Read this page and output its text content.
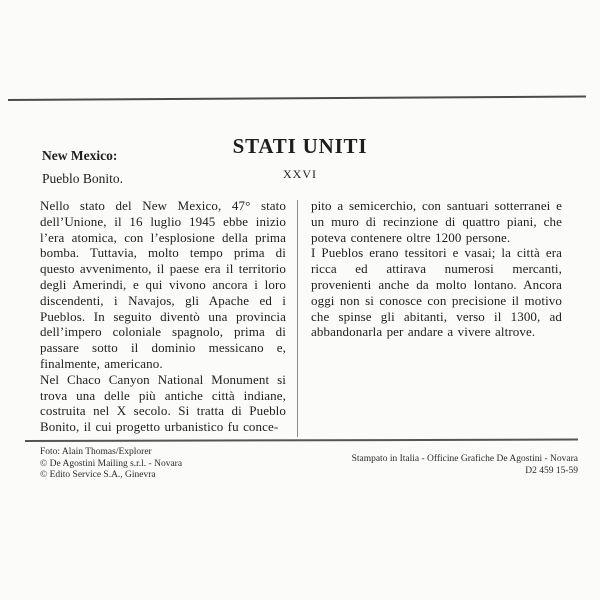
New Mexico:
Pueblo Bonito.
STATI UNITI
XXVI

Nello stato del New Mexico, 47° stato dell’Unione, il 16 luglio 1945 ebbe inizio l’era atomica, con l’esplosione della prima bomba. Tuttavia, molto tempo prima di questo avvenimento, il paese era il territorio degli Amerindi, e qui vivono ancora i loro discendenti, i Navajos, gli Apache ed i Pueblos. In seguito diventò una provincia dell’impero coloniale spagnolo, prima di passare sotto il dominio messicano e, finalmente, americano.

Nel Chaco Canyon National Monument si trova una delle più antiche città indiane, costruita nel X secolo. Si tratta di Pueblo Bonito, il cui progetto urbanistico fu conce-

pito a semicerchio, con santuari sotterranei e un muro di recinzione di quattro piani, che poteva contenere oltre 1200 persone.

I Pueblos erano tessitori e vasai; la città era ricca ed attirava numerosi mercanti, provenienti anche da molto lontano. Ancora oggi non si conosce con precisione il motivo che spinse gli abitanti, verso il 1300, ad abbandonarla per andare a vivere altrove.

Foto: Alain Thomas/Explorer
© De Agostini Mailing s.r.l. - Novara
© Edito Service S.A., Ginevra
Stampato in Italia - Officine Grafiche De Agostini - Novara
D2 459 15-59
